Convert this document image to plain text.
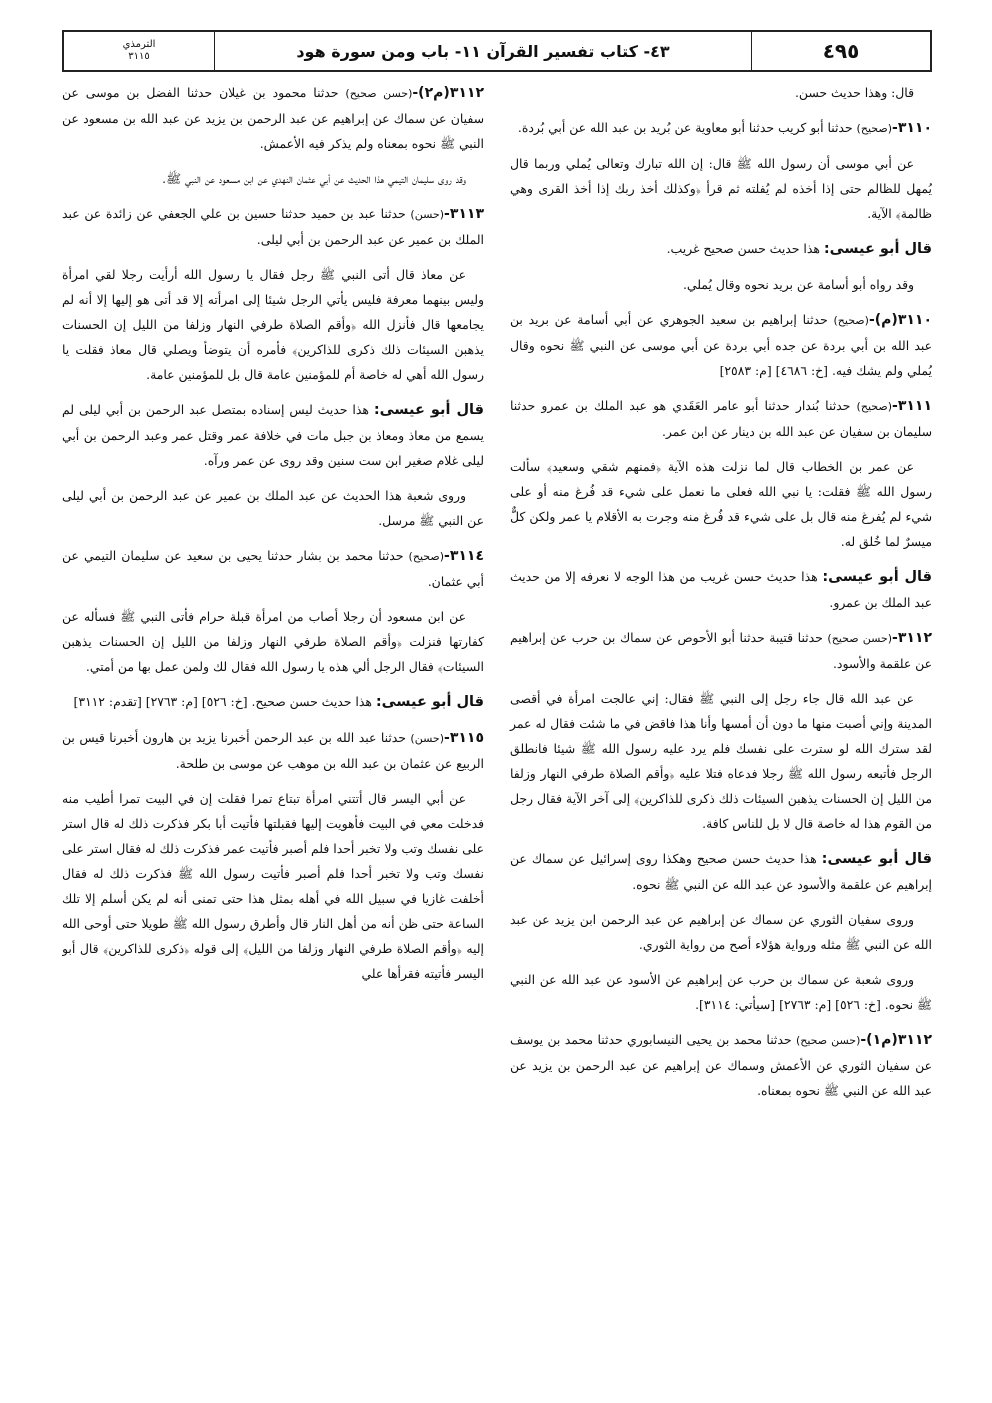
٤٩٥
٤٣- كتاب تفسير القرآن ١١- باب ومن سورة هود
الترمذي
٣١١٥

قال: وهذا حديث حسن.

٣١١٠-(صحيح) حدثنا أبو كريب حدثنا أبو معاوية عن بُريد بن عبد الله عن أبي بُردة.

عن أبي موسى أن رسول الله ﷺ قال: إن الله تبارك وتعالى يُملي وربما قال يُمهل للظالم حتى إذا أخذه لم يُفلته ثم قرأ ﴿وكذلك أخذ ربك إذا أخذ القرى وهي ظالمة﴾ الآية.

قال أبو عيسى: هذا حديث حسن صحيح غريب.

وقد رواه أبو أسامة عن بريد نحوه وقال يُملي.

٣١١٠(م)-(صحيح) حدثنا إبراهيم بن سعيد الجوهري عن أبي أسامة عن بريد بن عبد الله بن أبي بردة عن جده أبي بردة عن أبي موسى عن النبي ﷺ نحوه وقال يُملي ولم يشك فيه. [خ: ٤٦٨٦] [م: ٢٥٨٣]

٣١١١-(صحيح) حدثنا بُندار حدثنا أبو عامر العَقَدي هو عبد الملك بن عمرو حدثنا سليمان بن سفيان عن عبد الله بن دينار عن ابن عمر.

عن عمر بن الخطاب قال لما نزلت هذه الآية ﴿فمنهم شقي وسعيد﴾ سألت رسول الله ﷺ فقلت: يا نبي الله فعلى ما نعمل على شيء قد فُرغ منه أو على شيء لم يُفرغ منه قال بل على شيء قد فُرغ منه وجرت به الأقلام يا عمر ولكن كلٌّ ميسرٌ لما خُلق له.

قال أبو عيسى: هذا حديث حسن غريب من هذا الوجه لا نعرفه إلا من حديث عبد الملك بن عمرو.

٣١١٢-(حسن صحيح) حدثنا قتيبة حدثنا أبو الأحوص عن سماك بن حرب عن إبراهيم عن علقمة والأسود.

عن عبد الله قال جاء رجل إلى النبي ﷺ فقال: إني عالجت امرأة في أقصى المدينة وإني أصبت منها ما دون أن أمسها وأنا هذا فاقض في ما شئت فقال له عمر لقد سترك الله لو سترت على نفسك فلم يرد عليه رسول الله ﷺ شيئا فانطلق الرجل فأتبعه رسول الله ﷺ رجلا فدعاه فتلا عليه ﴿وأقم الصلاة طرفي النهار وزلفا من الليل إن الحسنات يذهبن السيئات ذلك ذكرى للذاكرين﴾ إلى آخر الآية فقال رجل من القوم هذا له خاصة قال لا بل للناس كافة.

قال أبو عيسى: هذا حديث حسن صحيح وهكذا روى إسرائيل عن سماك عن إبراهيم عن علقمة والأسود عن عبد الله عن النبي ﷺ نحوه.

وروى سفيان الثوري عن سماك عن إبراهيم عن عبد الرحمن ابن يزيد عن عبد الله عن النبي ﷺ مثله ورواية هؤلاء أصح من رواية الثوري.

وروى شعبة عن سماك بن حرب عن إبراهيم عن الأسود عن عبد الله عن النبي ﷺ نحوه. [خ: ٥٢٦] [م: ٢٧٦٣] [سيأتي: ٣١١٤].

٣١١٢(م١)-(حسن صحيح) حدثنا محمد بن يحيى النيسابوري حدثنا محمد بن يوسف عن سفيان الثوري عن الأعمش وسماك عن إبراهيم عن عبد الرحمن بن يزيد عن عبد الله عن النبي ﷺ نحوه بمعناه.

٣١١٢(م٢)-(حسن صحيح) حدثنا محمود بن غيلان حدثنا الفضل بن موسى عن سفيان عن سماك عن إبراهيم عن عبد الرحمن بن يزيد عن عبد الله بن مسعود عن النبي ﷺ نحوه بمعناه ولم يذكر فيه الأعمش.

وقد روى سليمان التيمي هذا الحديث عن أبي عثمان النهدي عن ابن مسعود عن النبي ﷺ.

٣١١٣-(حسن) حدثنا عبد بن حميد حدثنا حسين بن علي الجعفي عن زائدة عن عبد الملك بن عمير عن عبد الرحمن بن أبي ليلى.

عن معاذ قال أتى النبي ﷺ رجل فقال يا رسول الله أرأيت رجلا لقي امرأة وليس بينهما معرفة فليس يأتي الرجل شيئا إلى امرأته إلا قد أتى هو إليها إلا أنه لم يجامعها قال فأنزل الله ﴿وأقم الصلاة طرفي النهار وزلفا من الليل إن الحسنات يذهبن السيئات ذلك ذكرى للذاكرين﴾ فأمره أن يتوضأ ويصلي قال معاذ فقلت يا رسول الله أهي له خاصة أم للمؤمنين عامة قال بل للمؤمنين عامة.

قال أبو عيسى: هذا حديث ليس إسناده بمتصل عبد الرحمن بن أبي ليلى لم يسمع من معاذ ومعاذ بن جبل مات في خلافة عمر وقتل عمر وعبد الرحمن بن أبي ليلى غلام صغير ابن ست سنين وقد روى عن عمر ورآه.

وروى شعبة هذا الحديث عن عبد الملك بن عمير عن عبد الرحمن بن أبي ليلى عن النبي ﷺ مرسل.

٣١١٤-(صحيح) حدثنا محمد بن بشار حدثنا يحيى بن سعيد عن سليمان التيمي عن أبي عثمان.

عن ابن مسعود أن رجلا أصاب من امرأة قبلة حرام فأتى النبي ﷺ فسأله عن كفارتها فنزلت ﴿وأقم الصلاة طرفي النهار وزلفا من الليل إن الحسنات يذهبن السيئات﴾ فقال الرجل ألي هذه يا رسول الله فقال لك ولمن عمل بها من أمتي.

قال أبو عيسى: هذا حديث حسن صحيح. [خ: ٥٢٦] [م: ٢٧٦٣] [تقدم: ٣١١٢]

٣١١٥-(حسن) حدثنا عبد الله بن عبد الرحمن أخبرنا يزيد بن هارون أخبرنا قيس بن الربيع عن عثمان بن عبد الله بن موهب عن موسى بن طلحة.

عن أبي اليسر قال أتتني امرأة تبتاع تمرا فقلت إن في البيت تمرا أطيب منه فدخلت معي في البيت فأهويت إليها فقبلتها فأتيت أبا بكر فذكرت ذلك له قال استر على نفسك وتب ولا تخبر أحدا فلم أصبر فأتيت عمر فذكرت ذلك له فقال استر على نفسك وتب ولا تخبر أحدا فلم أصبر فأتيت رسول الله ﷺ فذكرت ذلك له فقال أخلفت غازيا في سبيل الله في أهله بمثل هذا حتى تمنى أنه لم يكن أسلم إلا تلك الساعة حتى ظن أنه من أهل النار قال وأطرق رسول الله ﷺ طويلا حتى أوحى الله إليه ﴿وأقم الصلاة طرفي النهار وزلفا من الليل﴾ إلى قوله ﴿ذكرى للذاكرين﴾ قال أبو اليسر فأتيته فقرأها علي
